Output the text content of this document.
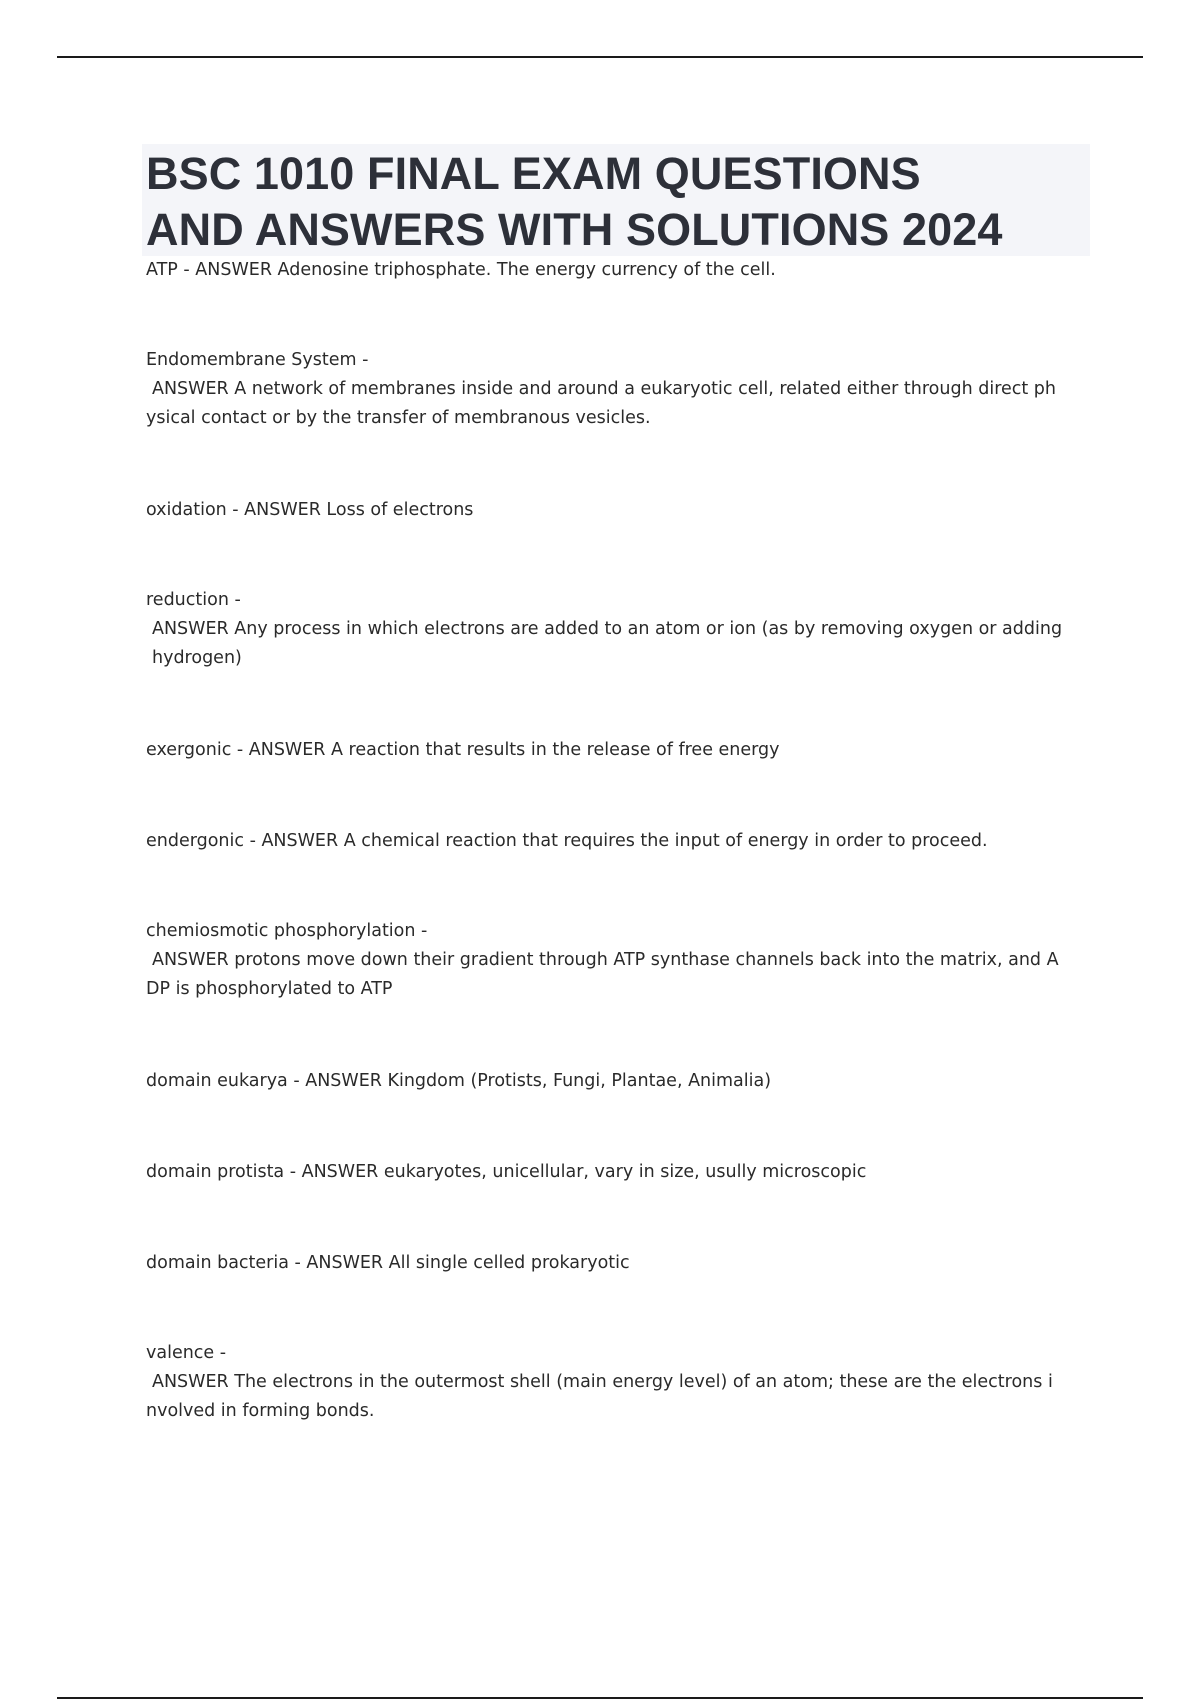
BSC 1010 FINAL EXAM QUESTIONS
AND ANSWERS WITH SOLUTIONS 2024
ATP - ANSWER Adenosine triphosphate. The energy currency of the cell.
Endomembrane System -
ANSWER A network of membranes inside and around a eukaryotic cell, related either through direct ph
ysical contact or by the transfer of membranous vesicles.
oxidation - ANSWER Loss of electrons
reduction -
ANSWER Any process in which electrons are added to an atom or ion (as by removing oxygen or adding
hydrogen)
exergonic - ANSWER A reaction that results in the release of free energy
endergonic - ANSWER A chemical reaction that requires the input of energy in order to proceed.
chemiosmotic phosphorylation -
ANSWER protons move down their gradient through ATP synthase channels back into the matrix, and A
DP is phosphorylated to ATP
domain eukarya - ANSWER Kingdom (Protists, Fungi, Plantae, Animalia)
domain protista - ANSWER eukaryotes, unicellular, vary in size, usully microscopic
domain bacteria - ANSWER All single celled prokaryotic
valence -
ANSWER The electrons in the outermost shell (main energy level) of an atom; these are the electrons i
nvolved in forming bonds.
